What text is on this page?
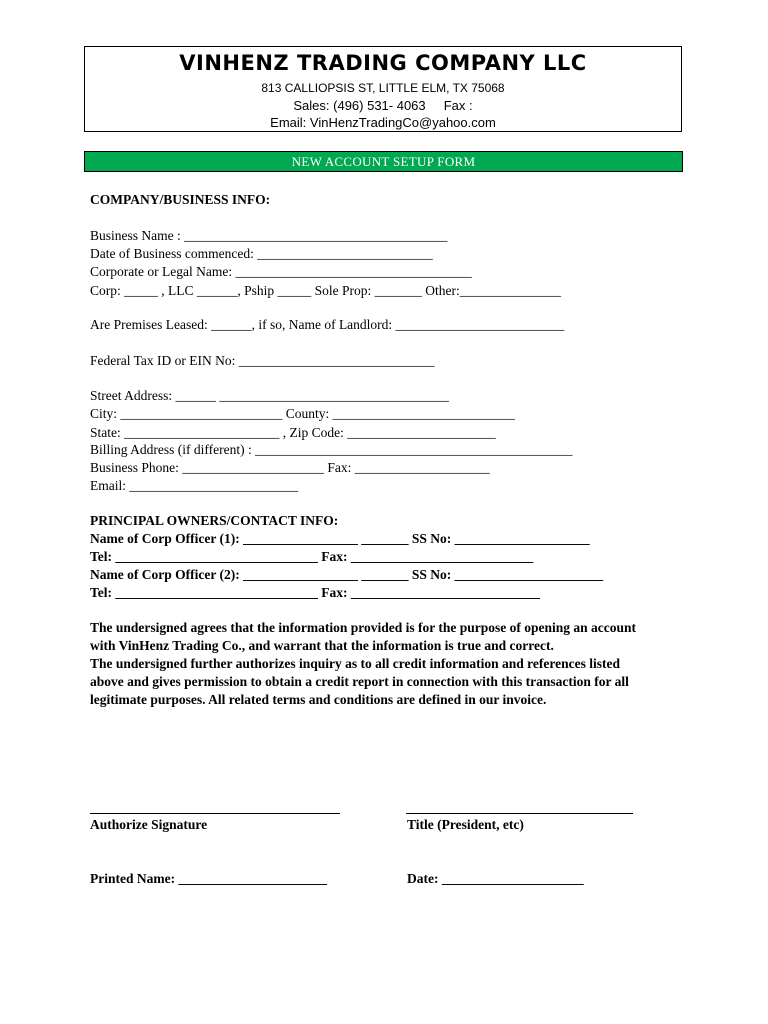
VINHENZ TRADING COMPANY LLC
813 CALLIOPSIS ST, LITTLE ELM, TX 75068
Sales: (496) 531- 4063     Fax :
Email: VinHenzTradingCo@yahoo.com
NEW ACCOUNT SETUP FORM
COMPANY/BUSINESS INFO:
Business Name : _______________________________________
Date of Business commenced: __________________________
Corporate or Legal Name: ___________________________________
Corp: _____ , LLC ______, Pship _____ Sole Prop: _______ Other:_______________
Are Premises Leased: ______, if so, Name of Landlord: _________________________
Federal Tax ID or EIN No: _____________________________
Street Address: ______ __________________________________
City: ________________________ County: ___________________________
State: _______________________ , Zip Code: ______________________
Billing Address (if different) : _______________________________________________
Business Phone: _____________________ Fax: ____________________
Email: _________________________
PRINCIPAL OWNERS/CONTACT INFO:
Name of Corp Officer (1): _________________ _______ SS No: ____________________
Tel: ______________________________ Fax: ___________________________
Name of Corp Officer (2): _________________ _______ SS No: ______________________
Tel: ______________________________ Fax: ____________________________

The undersigned agrees that the information provided is for the purpose of opening an account with VinHenz Trading Co., and warrant that the information is true and correct.

The undersigned further authorizes inquiry as to all credit information and references listed above and gives permission to obtain a credit report in connection with this transaction for all legitimate purposes. All related terms and conditions are defined in our invoice.

Authorize Signature	Title (President, etc)
Printed Name: ______________________	Date: _____________________
